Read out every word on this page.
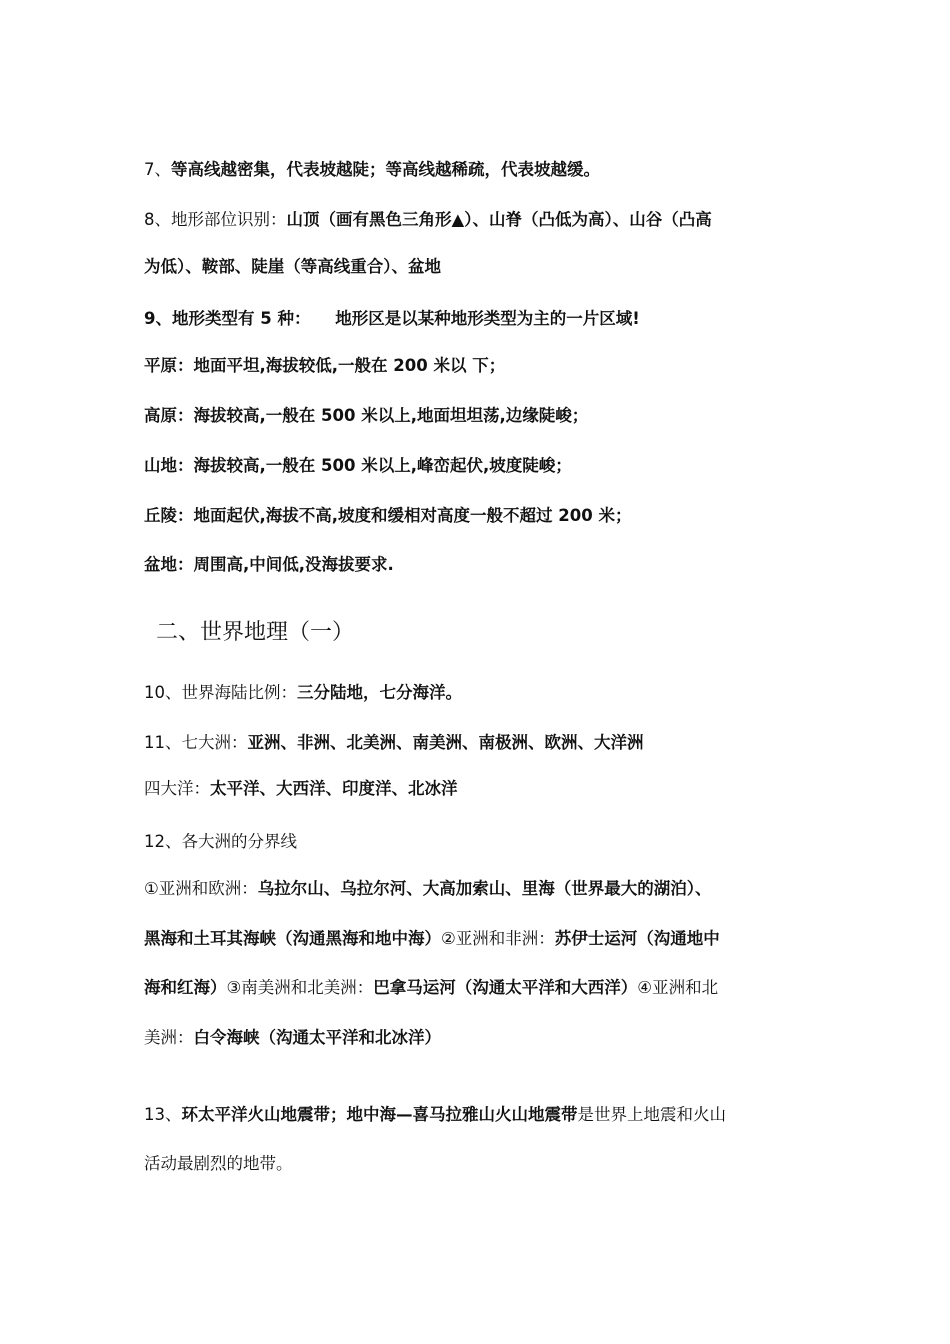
7、等高线越密集，代表坡越陡；等高线越稀疏，代表坡越缓。
8、地形部位识别：山顶（画有黑色三角形▲）、山脊（凸低为高）、山谷（凸高
为低）、鞍部、陡崖（等高线重合）、盆地
9、地形类型有 5 种：　　地形区是以某种地形类型为主的一片区域!
平原：地面平坦,海拔较低,一般在 200 米以 下；
高原：海拔较高,一般在 500 米以上,地面坦坦荡,边缘陡峻；
山地：海拔较高,一般在 500 米以上,峰峦起伏,坡度陡峻；
丘陵：地面起伏,海拔不高,坡度和缓相对高度一般不超过 200 米；
盆地：周围高,中间低,没海拔要求.
二、世界地理（一）
10、世界海陆比例：三分陆地，七分海洋。
11、七大洲：亚洲、非洲、北美洲、南美洲、南极洲、欧洲、大洋洲
四大洋：太平洋、大西洋、印度洋、北冰洋
12、各大洲的分界线
①亚洲和欧洲：乌拉尔山、乌拉尔河、大高加索山、里海（世界最大的湖泊）、
黑海和土耳其海峡（沟通黑海和地中海）②亚洲和非洲：苏伊士运河（沟通地中
海和红海）③南美洲和北美洲：巴拿马运河（沟通太平洋和大西洋）④亚洲和北
美洲：白令海峡（沟通太平洋和北冰洋）
13、环太平洋火山地震带；地中海—喜马拉雅山火山地震带是世界上地震和火山
活动最剧烈的地带。
